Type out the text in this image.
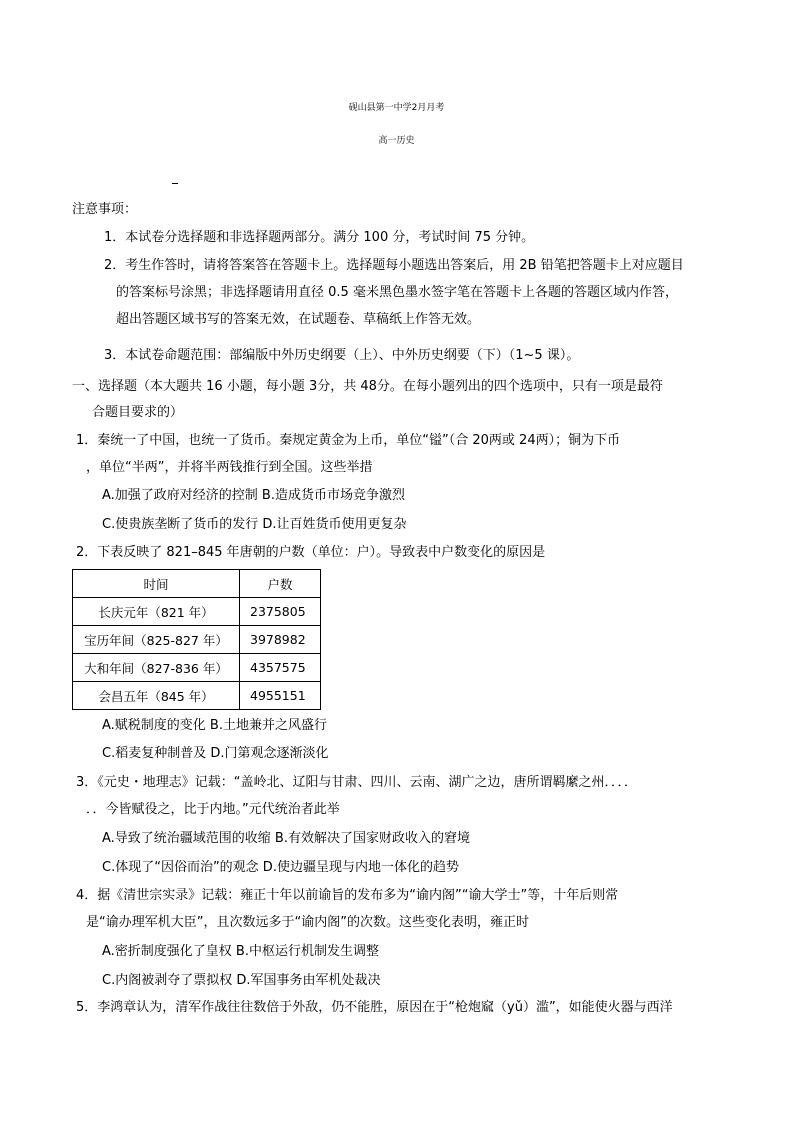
砚山县第一中学2月月考
高一历史
注意事项：
1．本试卷分选择题和非选择题两部分。满分 100 分，考试时间 75 分钟。
2．考生作答时，请将答案答在答题卡上。选择题每小题选出答案后，用 2B 铅笔把答题卡上对应题目
的答案标号涂黑；非选择题请用直径 0.5 毫米黑色墨水签字笔在答题卡上各题的答题区域内作答，
超出答题区域书写的答案无效，在试题卷、草稿纸上作答无效。
3．本试卷命题范围：部编版中外历史纲要（上）、中外历史纲要（下）（1~5 课）。
一、选择题（本大题共 16 小题，每小题 3分，共 48分。在每小题列出的四个选项中，只有一项是最符
合题目要求的）
1．秦统一了中国，也统一了货币。秦规定黄金为上币，单位“镒”（合 20两或 24两）；铜为下币
，单位“半两”，并将半两钱推行到全国。这些举措
A.加强了政府对经济的控制 B.造成货币市场竞争激烈
C.使贵族垄断了货币的发行 D.让百姓货币使用更复杂
2．下表反映了 821–845 年唐朝的户数（单位：户）。导致表中户数变化的原因是
时间	户数
长庆元年（821 年）	2375805
宝历年间（825-827 年）	3978982
大和年间（827-836 年）	4357575
会昌五年（845 年）	4955151
A.赋税制度的变化 B.土地兼并之风盛行
C.稻麦复种制普及 D.门第观念逐渐淡化
3．《元史・地理志》记载：“盖岭北、辽阳与甘肃、四川、云南、湖广之边，唐所谓羁縻之州．．．．
．．今皆赋役之，比于内地。”元代统治者此举
A.导致了统治疆域范围的收缩 B.有效解决了国家财政收入的窘境
C.体现了“因俗而治”的观念 D.使边疆呈现与内地一体化的趋势
4．据《清世宗实录》记载：雍正十年以前谕旨的发布多为“谕内阁”“谕大学士”等，十年后则常
是“谕办理军机大臣”，且次数远多于“谕内阁”的次数。这些变化表明，雍正时
A.密折制度强化了皇权 B.中枢运行机制发生调整
C.内阁被剥夺了票拟权 D.军国事务由军机处裁决
5．李鸿章认为，清军作战往往数倍于外敌，仍不能胜，原因在于“枪炮窳（yǔ）滥”，如能使火器与西洋
